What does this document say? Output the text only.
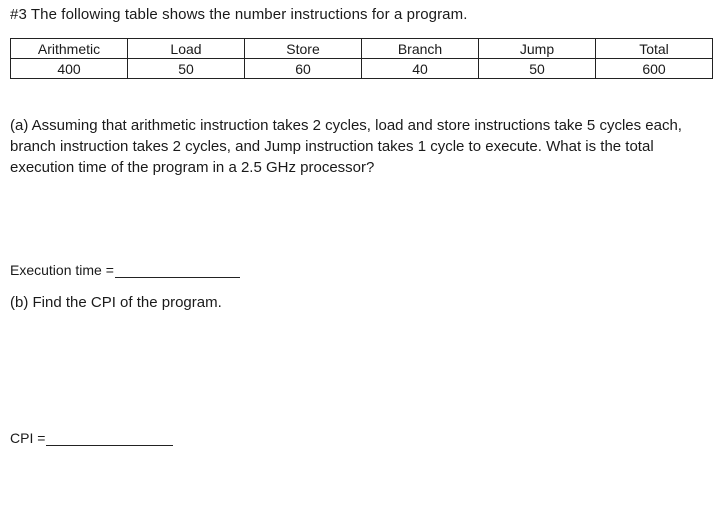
#3 The following table shows the number instructions for a program.
Arithmetic	Load	Store	Branch	Jump	Total
400	50	60	40	50	600
(a) Assuming that arithmetic instruction takes 2 cycles, load and store instructions take 5 cycles each, branch instruction takes 2 cycles, and Jump instruction takes 1 cycle to execute. What is the total execution time of the program in a 2.5 GHz processor?
Execution time =
(b) Find the CPI of the program.
CPI =
